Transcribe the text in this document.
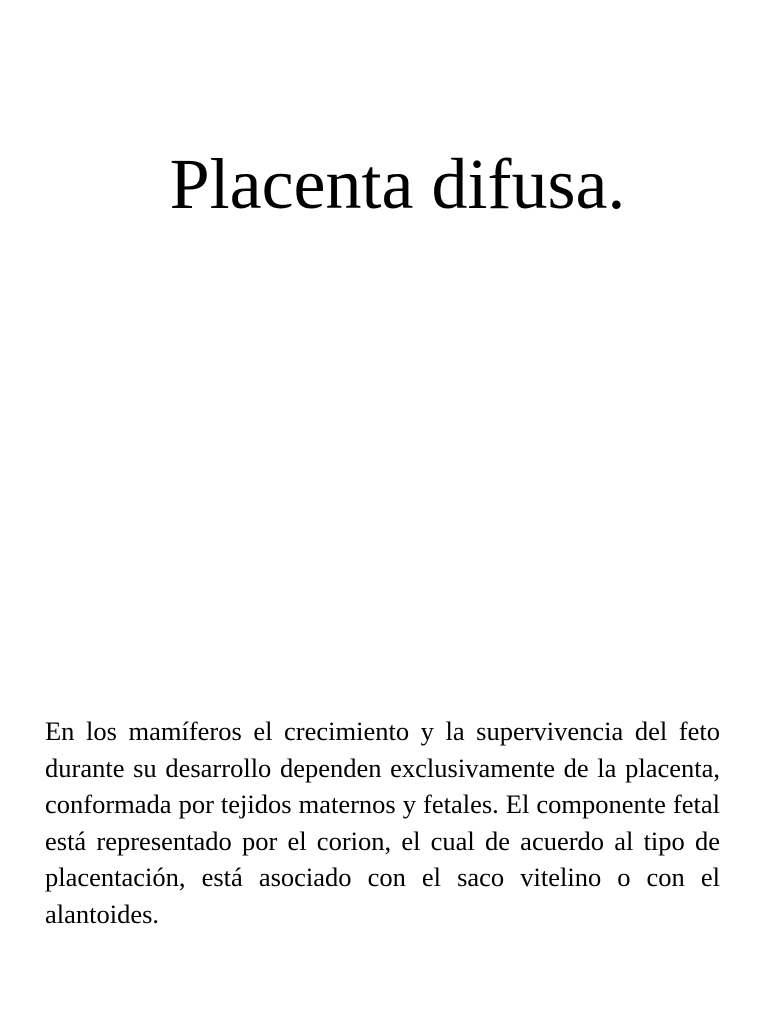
Placenta difusa.

En los mamíferos el crecimiento y la supervivencia del feto durante su desarrollo dependen exclusivamente de la placenta, conformada por tejidos maternos y fetales. El componente fetal está representado por el corion, el cual de acuerdo al tipo de placentación, está asociado con el saco vitelino o con el alantoides.
